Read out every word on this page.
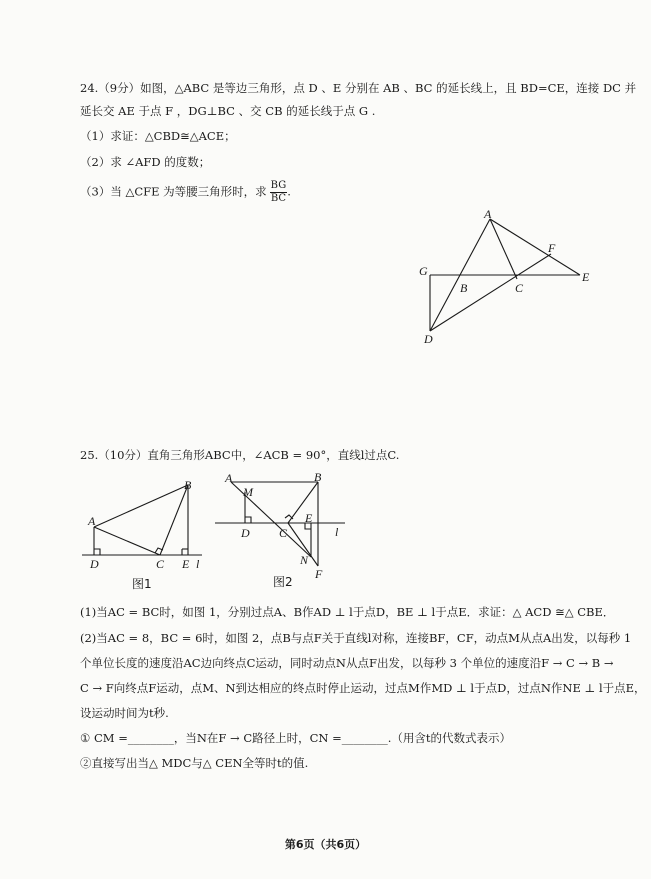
24.（9分）如图，△ABC 是等边三角形，点 D 、E 分别在 AB 、BC 的延长线上，且 BD=CE，连接 DC 并
延长交 AE 于点 F ，DG⊥BC 、交 CB 的延长线于点 G .
（1）求证：△CBD≅△ACE；
（2）求 ∠AFD 的度数；
（3）当 △CFE 为等腰三角形时，求 $\frac{BG}{BC}$ .
A
B	C
D
E
F
G
25.（10分）直角三角形ABC中，∠ACB = 90°，直线l过点C.
A
B
C
D	E l
图1
A	B
M
D C
E
N
F
l
图2
(1)当AC = BC时，如图 1，分别过点A、B作AD ⊥ l于点D，BE ⊥ l于点E．求证：△ ACD ≅△ CBE．
(2)当AC = 8，BC = 6时，如图 2，点B与点F关于直线l对称，连接BF，CF，动点M从点A出发，以每秒 1
个单位长度的速度沿AC边向终点C运动，同时动点N从点F出发，以每秒 3 个单位的速度沿F → C → B →
C → F向终点F运动，点M、N到达相应的终点时停止运动，过点M作MD ⊥ l于点D，过点N作NE ⊥ l于点E，
设运动时间为t秒.
① CM =________，当N在F → C路径上时，CN =________.（用含t的代数式表示）
②直接写出当△ MDC与△ CEN全等时t的值.
第6页（共6页）
